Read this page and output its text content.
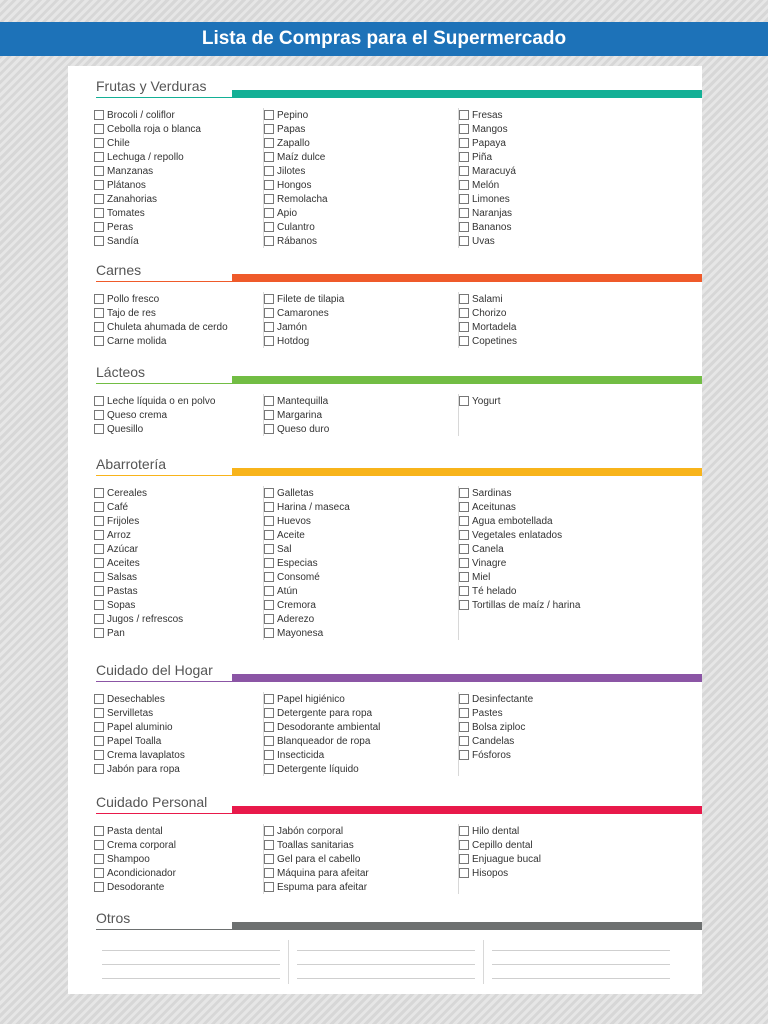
Lista de Compras para el Supermercado
Frutas y Verduras
Brocoli / coliflor
Cebolla roja o blanca
Chile
Lechuga / repollo
Manzanas
Plátanos
Zanahorias
Tomates
Peras
Sandía
Pepino
Papas
Zapallo
Maíz dulce
Jilotes
Hongos
Remolacha
Apio
Culantro
Rábanos
Fresas
Mangos
Papaya
Piña
Maracuyá
Melón
Limones
Naranjas
Bananos
Uvas
Carnes
Pollo fresco
Tajo de res
Chuleta ahumada de cerdo
Carne molida
Filete de tilapia
Camarones
Jamón
Hotdog
Salami
Chorizo
Mortadela
Copetines
Lácteos
Leche líquida o en polvo
Queso crema
Quesillo
Mantequilla
Margarina
Queso duro
Yogurt
Abarrotería
Cereales
Café
Frijoles
Arroz
Azúcar
Aceites
Salsas
Pastas
Sopas
Jugos / refrescos
Pan
Galletas
Harina / maseca
Huevos
Aceite
Sal
Especias
Consomé
Atún
Cremora
Aderezo
Mayonesa
Sardinas
Aceitunas
Agua embotellada
Vegetales enlatados
Canela
Vinagre
Miel
Té helado
Tortillas de maíz / harina
Cuidado del Hogar
Desechables
Servilletas
Papel aluminio
Papel Toalla
Crema lavaplatos
Jabón para ropa
Papel higiénico
Detergente para ropa
Desodorante ambiental
Blanqueador de ropa
Insecticida
Detergente líquido
Desinfectante
Pastes
Bolsa ziploc
Candelas
Fósforos
Cuidado Personal
Pasta dental
Crema corporal
Shampoo
Acondicionador
Desodorante
Jabón corporal
Toallas sanitarias
Gel para el cabello
Máquina para afeitar
Espuma para afeitar
Hilo dental
Cepillo dental
Enjuague bucal
Hisopos
Otros
